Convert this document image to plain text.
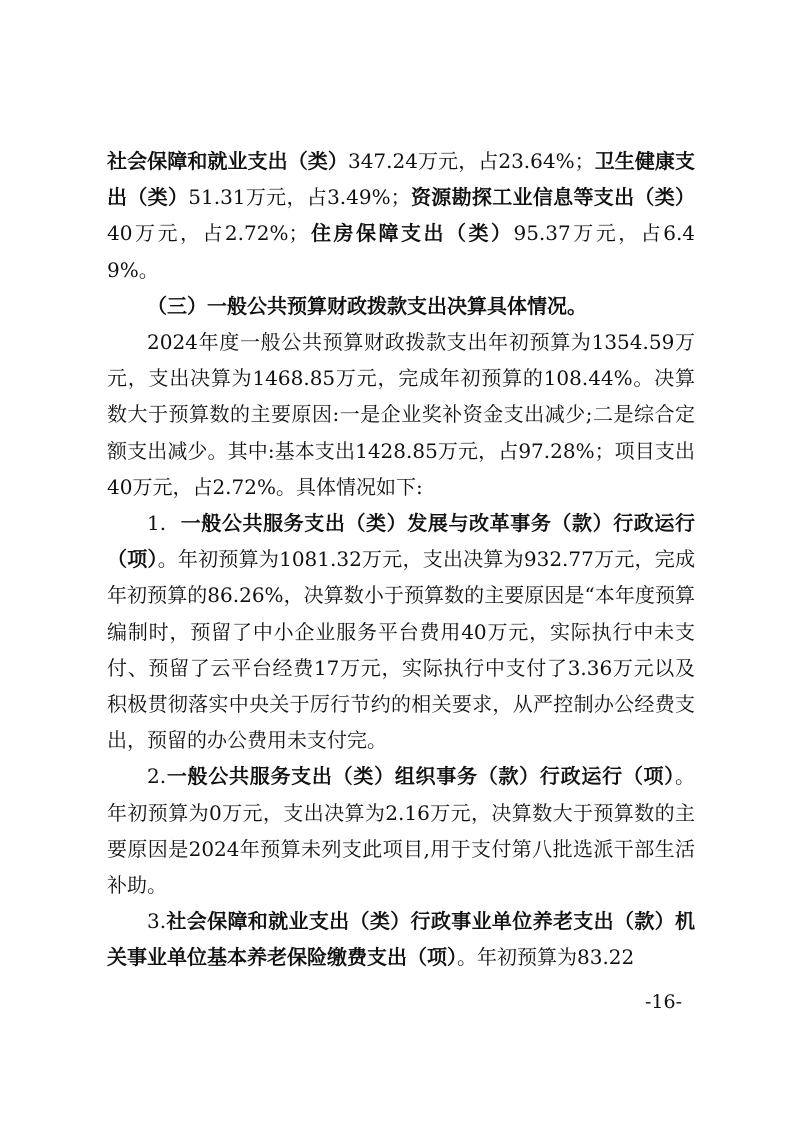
社会保障和就业支出（类）347.24万元，占23.64%；卫生健康支出（类）51.31万元，占3.49%；资源勘探工业信息等支出（类）40万元，占2.72%；住房保障支出（类）95.37万元，占6.49%。

（三）一般公共预算财政拨款支出决算具体情况。

2024年度一般公共预算财政拨款支出年初预算为1354.59万元，支出决算为1468.85万元，完成年初预算的108.44%。决算数大于预算数的主要原因:一是企业奖补资金支出减少;二是综合定额支出减少。其中:基本支出1428.85万元，占97.28%；项目支出40万元，占2.72%。具体情况如下:

1. 一般公共服务支出（类）发展与改革事务（款）行政运行（项）。年初预算为1081.32万元，支出决算为932.77万元，完成年初预算的86.26%，决算数小于预算数的主要原因是“本年度预算编制时，预留了中小企业服务平台费用40万元，实际执行中未支付、预留了云平台经费17万元，实际执行中支付了3.36万元以及积极贯彻落实中央关于厉行节约的相关要求，从严控制办公经费支出，预留的办公费用未支付完。

2.一般公共服务支出（类）组织事务（款）行政运行（项）。年初预算为0万元，支出决算为2.16万元，决算数大于预算数的主要原因是2024年预算未列支此项目,用于支付第八批选派干部生活补助。

3.社会保障和就业支出（类）行政事业单位养老支出（款）机关事业单位基本养老保险缴费支出（项）。年初预算为83.22

-16-
